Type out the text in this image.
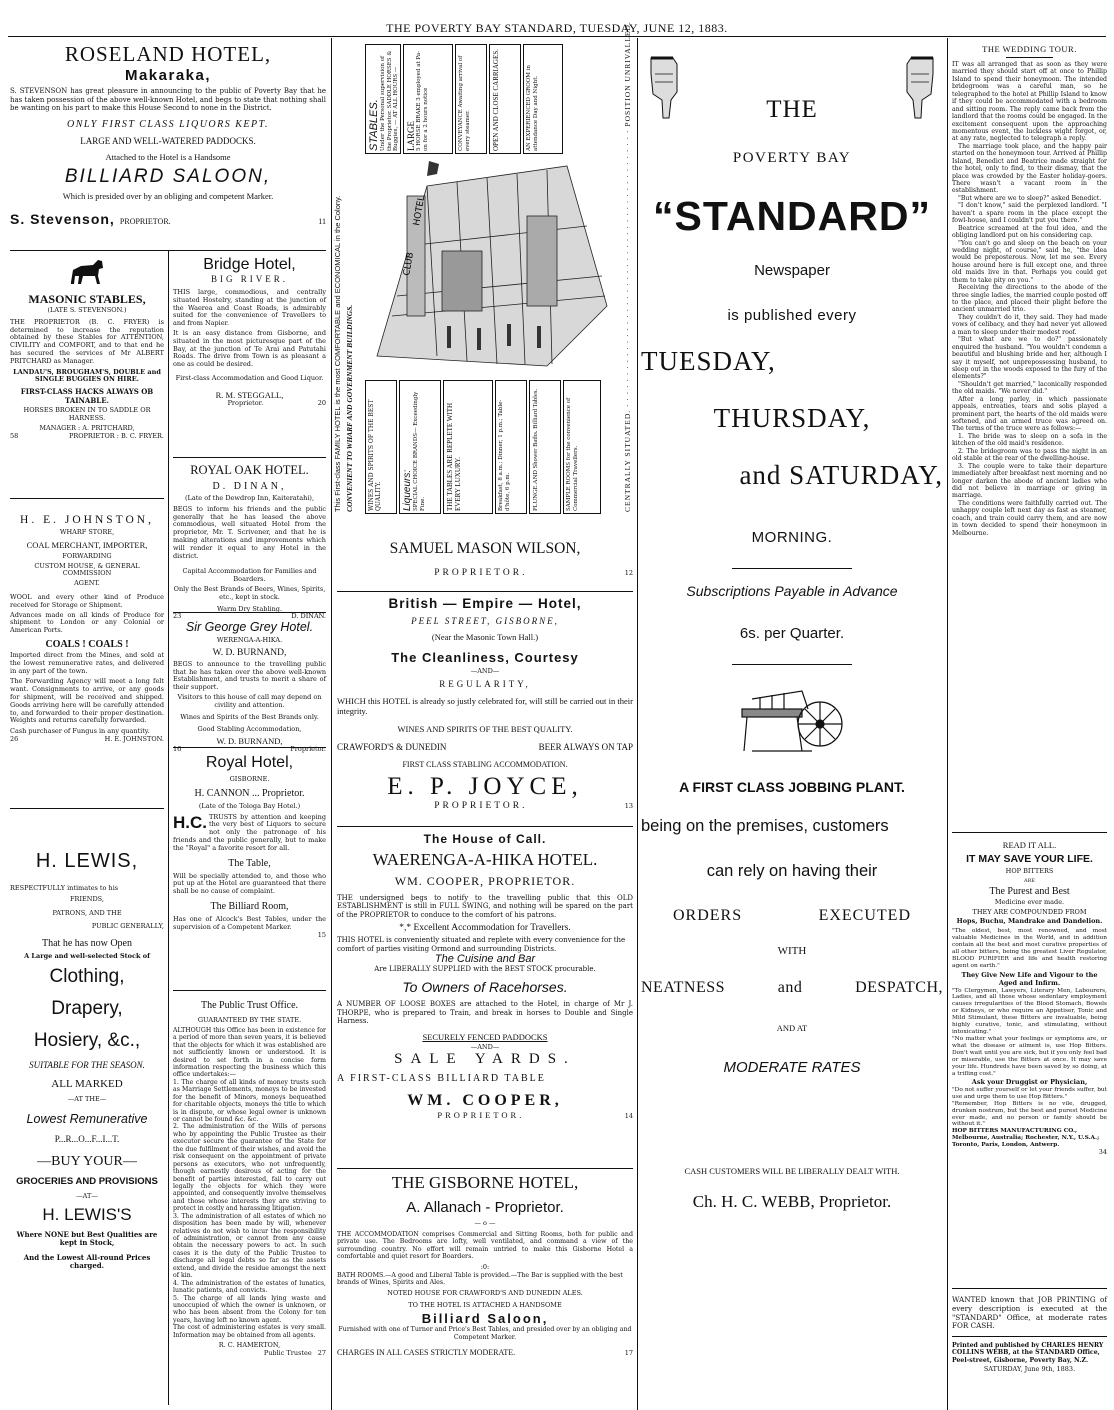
THE POVERTY BAY STANDARD, TUESDAY, JUNE 12, 1883.
ROSELAND HOTEL,
Makaraka,

S. STEVENSON has great pleasure in announcing to the public of Poverty Bay that he has taken possession of the above well-known Hotel, and begs to state that nothing shall be wanting on his part to make this House Second to none in the District.

ONLY FIRST CLASS LIQUORS KEPT.
LARGE AND WELL-WATERED PADDOCKS.
Attached to the Hotel is a Handsome
BILLIARD SALOON,
Which is presided over by an obliging and competent Marker.
S. Stevenson, PROPRIETOR.	11
MASONIC STABLES,
(LATE S. STEVENSON.)

THE PROPRIETOR (B. C. FRYER) is determined to increase the reputation obtained by these Stables for ATTENTION, CIVILITY and COMFORT, and to that end he has secured the services of Mr ALBERT PRITCHARD as Manager.

LANDAU'S, BROUGHAM'S, DOUBLE and SINGLE BUGGIES ON HIRE.

FIRST-CLASS HACKS ALWAYS OB TAINABLE.

HORSES BROKEN IN TO SADDLE OR HARNESS.

MANAGER : A. PRITCHARD,

58	PROPRIETOR : B. C. FRYER.
H. E. JOHNSTON,
WHARF STORE,
COAL MERCHANT, IMPORTER,
FORWARDING
CUSTOM HOUSE, & GENERAL COMMISSION
AGENT.

WOOL and every other kind of Produce received for Storage or Shipment.

Advances made on all kinds of Produce for shipment to London or any Colonial or American Ports.

COALS ! COALS !

Imported direct from the Mines, and sold at the lowest remunerative rates, and delivered in any part of the town.

The Forwarding Agency will meet a long felt want. Consignments to arrive, or any goods for shipment, will be received and shipped. Goods arriving here will be carefully attended to, and forwarded to their proper destination. Weights and returns carefully forwarded.

Cash purchaser of Fungus in any quantity.

26	H. E. JOHNSTON.
H. LEWIS,
RESPECTFULLY intimates to his
FRIENDS,
PATRONS, AND THE
PUBLIC GENERALLY,
That he has now Open
A Large and well-selected Stock of
Clothing,
Drapery,
Hosiery, &c.,
SUITABLE FOR THE SEASON.
ALL MARKED
—AT THE—
Lowest Remunerative
P...R...O...F...I...T.
—BUY YOUR—
GROCERIES AND PROVISIONS
—AT—
H. LEWIS'S
Where NONE but Best Qualities are kept in Stock,
And the Lowest All-round Prices charged.
Bridge Hotel,
BIG RIVER.

THIS large, commodious, and centrally situated Hostelry, standing at the junction of the Waerea and Coast Roads, is admirably suited for the convenience of Travellers to and from Napier.

It is an easy distance from Gisborne, and situated in the most picturesque part of the Bay, at the junction of Te Arai and Patutahi Roads. The drive from Town is as pleasant a one as could be desired.

First-class Accommodation and Good Liquor.

R. M. STEGGALL,
Proprietor.	20
ROYAL OAK HOTEL.
D. DINAN,
(Late of the Dewdrop Inn, Kaiteratahi),

BEGS to inform his friends and the public generally that he has leased the above commodious, well situated Hotel from the proprietor, Mr. T. Scrivener, and that he is making alterations and improvements which will render it equal to any Hotel in the district.

Capital Accommodation for Families and Boarders.

Only the Best Brands of Beers, Wines, Spirits, etc., kept in stock.

Warm Dry Stabling.

23	D. DINAN.
Sir George Grey Hotel.
WERENGA-A-HIKA.
W. D. BURNAND,

BEGS to announce to the travelling public that he has taken over the above well-known Establishment, and trusts to merit a share of their support.

Visitors to this house of call may depend on civility and attention.

Wines and Spirits of the Best Brands only.

Good Stabling Accommodation,

W. D. BURNAND,
16	Proprietor.
Royal Hotel,
GISBORNE.
H. CANNON ... Proprietor.
(Late of the Tologa Bay Hotel.)

H.C. TRUSTS by attention and keeping the very best of Liquors to secure not only the patronage of his friends and the public generally, but to make the "Royal" a favorite resort for all.

The Table,

Will be specially attended to, and those who put up at the Hotel are guaranteed that there shall be no cause of complaint.

The Billiard Room,

Has one of Alcock's Best Tables, under the supervision of a Competent Marker.

15
The Public Trust Office.
GUARANTEED BY THE STATE.

ALTHOUGH this Office has been in existence for a period of more than seven years, it is believed that the objects for which it was established are not sufficiently known or understood. It is desired to set forth in a concise form information respecting the business which this office undertakes:—

1. The charge of all kinds of money trusts such as Marriage Settlements, moneys to be invested for the benefit of Minors, moneys bequeathed for charitable objects, moneys the title to which is in dispute, or whose legal owner is unknown or cannot be found &c. &c.

2. The administration of the Wills of persons who by appointing the Public Trustee as their executor secure the guarantee of the State for the due fulfilment of their wishes, and avoid the risk consequent on the appointment of private persons as executors, who not unfrequently, though earnestly desirous of acting for the benefit of parties interested, fail to carry out legally the objects for which they were appointed, and consequently involve themselves and those whose interests they are striving to protect in costly and harassing litigation.

3. The administration of all estates of which no disposition has been made by will, whenever relatives do not wish to incur the responsibility of administration, or cannot from any cause obtain the necessary powers to act. In such cases it is the duty of the Public Trustee to discharge all legal debts so far as the assets extend, and divide the residue amongst the next of kin.

4. The administration of the estates of lunatics, lunatic patients, and convicts.

5. The charge of all lands lying waste and unoccupied of which the owner is unknown, or who has been absent from the Colony for ten years, having left no known agent.

The cost of administering estates is very small. Information may be obtained from all agents.

R. C. HAMERTON,
Public Trustee 27
This First-class FAMILY HOTEL is the most COMFORTABLE and ECONOMICAL in the Colony. CONVENIENT TO WHARF AND GOVERNMENT BUILDINGS.	CENTRALLY SITUATED. · · · · · · · · · · · · · · · · · · · · · · · · · · · · · · · · · · · · · · · · · · · · POSITION UNRIVALLED.
STABLES. Under the Personal supervision of the Proprietor. SADDLE HORSES & Buggies, — AT ALL HOURS — LARGE 5 HORSE BRAKE 3 employed at Pa- on for a 2 hours notice	CONVEYANCE Awaiting arrival of every steamer.	OPEN AND CLOSE CARRIAGES.	AN EXPERIENCED GROOM in attendance Day and Night.
CLUB
HOTEL
WINES AND SPIRITS OF THE BEST QUALITY. Liqueurs: SPECIAL CHOICE BRANDS— Exceedingly Fine.	THE TABLES ARE REPLETE WITH EVERY LUXURY.	Breakfast, 8 a.m.; Dinner, 1 p.m.; Table-d'hôte, 6 p.m.	PLUNGE AND Shower Baths. Billiard Tables.	SAMPLE ROOMS for the convenience of Commercial Travellers.
SAMUEL MASON WILSON,
PROPRIETOR.	12
British — Empire — Hotel,
PEEL STREET, GISBORNE,
(Near the Masonic Town Hall.)
The Cleanliness, Courtesy
—AND—
REGULARITY,

WHICH this HOTEL is already so justly celebrated for, will still be carried out in their integrity.

WINES AND SPIRITS OF THE BEST QUALITY.
CRAWFORD'S & DUNEDIN	BEER ALWAYS ON TAP
FIRST CLASS STABLING ACCOMMODATION.
E. P. JOYCE,
PROPRIETOR.	13
The House of Call.
WAERENGA-A-HIKA HOTEL.
WM. COOPER, PROPRIETOR.

THE undersigned begs to notify to the travelling public that this OLD ESTABLISHMENT is still in FULL SWING, and nothing will be spared on the part of the PROPRIETOR to conduce to the comfort of his patrons.

*,* Excellent Accommodation for Travellers.

THIS HOTEL is conveniently situated and replete with every convenience for the comfort of parties visiting Ormond and surrounding Districts.

The Cuisine and Bar
Are LIBERALLY SUPPLIED with the BEST STOCK procurable.
To Owners of Racehorses.

A NUMBER OF LOOSE BOXES are attached to the Hotel, in charge of Mr J. THORPE, who is prepared to Train, and break in horses to Double and Single Harness.

SECURELY FENCED PADDOCKS
—AND—
SALE YARDS.
A FIRST-CLASS BILLIARD TABLE
WM. COOPER,
PROPRIETOR.	14
THE GISBORNE HOTEL,
A. Allanach - Proprietor.
— o —

THE ACCOMMODATION comprises Commercial and Sitting Rooms, both for public and private use. The Bedrooms are lofty, well ventilated, and command a view of the surrounding country. No effort will remain untried to make this Gisborne Hotel a comfortable and quiet resort for Boarders.

:0:

BATH ROOMS.—A good and Liberal Table is provided.—The Bar is supplied with the best brands of Wines, Spirits and Ales.

NOTED HOUSE FOR CRAWFORD'S AND DUNEDIN ALES.
TO THE HOTEL IS ATTACHED A HANDSOME
Billiard Saloon,

Furnished with one of Turner and Price's Best Tables, and presided over by an obliging and Competent Marker.

CHARGES IN ALL CASES STRICTLY MODERATE.	17
THE
POVERTY BAY
“STANDARD”
Newspaper
is published every
TUESDAY,
THURSDAY,
and SATURDAY,
MORNING.
Subscriptions Payable in Advance
6s. per Quarter.
A FIRST CLASS JOBBING PLANT.
being on the premises, customers
can rely on having their
ORDERS	EXECUTED
WITH
NEATNESS	and	DESPATCH,
AND AT
MODERATE RATES
CASH CUSTOMERS WILL BE LIBERALLY DEALT WITH.
Ch. H. C. WEBB, Proprietor.
THE WEDDING TOUR.

IT was all arranged that as soon as they were married they should start off at once to Phillip Island to spend their honeymoon. The intended bridegroom was a careful man, so he telegraphed to the hotel at Phillip Island to know if they could be accommodated with a bedroom and sitting room. The reply came back from the landlord that the rooms could be engaged. In the excitement consequent upon the approaching momentous event, the luckless wight forgot, or, at any rate, neglected to telegraph a reply.

The marriage took place, and the happy pair started on the honeymoon tour. Arrived at Phillip Island, Benedict and Beatrice made straight for the hotel, only to find, to their dismay, that the place was crowded by the Easter holiday-goers. There wasn't a vacant room in the establishment.

"But where are we to sleep?" asked Benedict.

"I don't know," said the perplexed landlord. "I haven't a spare room in the place except the fowl-house, and I couldn't put you there."

Beatrice screamed at the foul idea, and the obliging landlord put on his considering cap.

"You can't go and sleep on the beach on your wedding night, of course," said he, "the idea would be preposterous. Now, let me see. Every house around here is full except one, and three old maids live in that. Perhaps you could get them to take pity on you."

Receiving the directions to the abode of the three single ladies, the married couple posted off to the place, and placed their plight before the ancient unmarried trio.

They couldn't do it, they said. They had made vows of celibacy, and they had never yet allowed a man to sleep under their modest roof.

"But what are we to do?" passionately enquired the husband. "You wouldn't condemn a beautiful and blushing bride and her, although I say it myself, not unprepossessing husband, to sleep out in the woods exposed to the fury of the elements?"

"Shouldn't get married," laconically responded the old maids. "We never did."

After a long parley, in which passionate appeals, entreaties, tears and sobs played a prominent part, the hearts of the old maids were softened, and an armed truce was agreed on. The terms of the truce were as follows:—

1. The bride was to sleep on a sofa in the kitchen of the old maid's residence.

2. The bridegroom was to pass the night in an old stable at the rear of the dwelling-house.

3. The couple were to take their departure immediately after breakfast next morning and no longer darken the abode of ancient ladies who did not believe in marriage or giving in marriage.

The conditions were faithfully carried out. The unhappy couple left next day as fast as steamer, coach, and train could carry them, and are now in town decided to spend their honeymoon in Melbourne.

READ IT ALL.
IT MAY SAVE YOUR LIFE.
HOP BITTERS
ARE
The Purest and Best
Medicine ever made.
THEY ARE COMPOUNDED FROM
Hops, Buchu, Mandrake and Dandelion.

"The oldest, best, most renowned, and most valuable Medicines in the World, and in addition contain all the best and most curative properties of all other bitters, being the greatest Liver Regulator, BLOOD PURIFIER and life and health restoring agent on earth."

They Give New Life and Vigour to the Aged and Infirm.

"To Clergymen, Lawyers, Literary Men, Labourers, Ladies, and all those whose sedentary employment causes irregularities of the Blood Stomach, Bowels or Kidneys, or who require an Appetiser, Tonic and Mild Stimulant, these Bitters are invaluable, being highly curative, tonic, and stimulating, without intoxicating."

"No matter what your feelings or symptoms are, or what the disease or ailment is, use Hop Bitters. Don't wait until you are sick, but if you only feel bad or miserable, use the Bitters at once. It may save your life. Hundreds have been saved by so doing, at a trifling cost."

Ask your Druggist or Physician,

"Do not suffer yourself or let your friends suffer, but use and urge them to use Hop Bitters."

"Remember, Hop Bitters is no vile, drugged, drunken nostrum, but the best and purest Medicine ever made, and no person or family should be without it."

HOP BITTERS MANUFACTURING CO., Melbourne, Australia; Rochester, N.Y., U.S.A.; Toronto, Paris, London, Antwerp.

34

WANTED known that JOB PRINTING of every description is executed at the "STANDARD" Office, at moderate rates FOR CASH.

Printed and published by CHARLES HENRY COLLINS WEBB, at the STANDARD Office, Peel-street, Gisborne, Poverty Bay, N.Z.

SATURDAY, June 9th, 1883.
